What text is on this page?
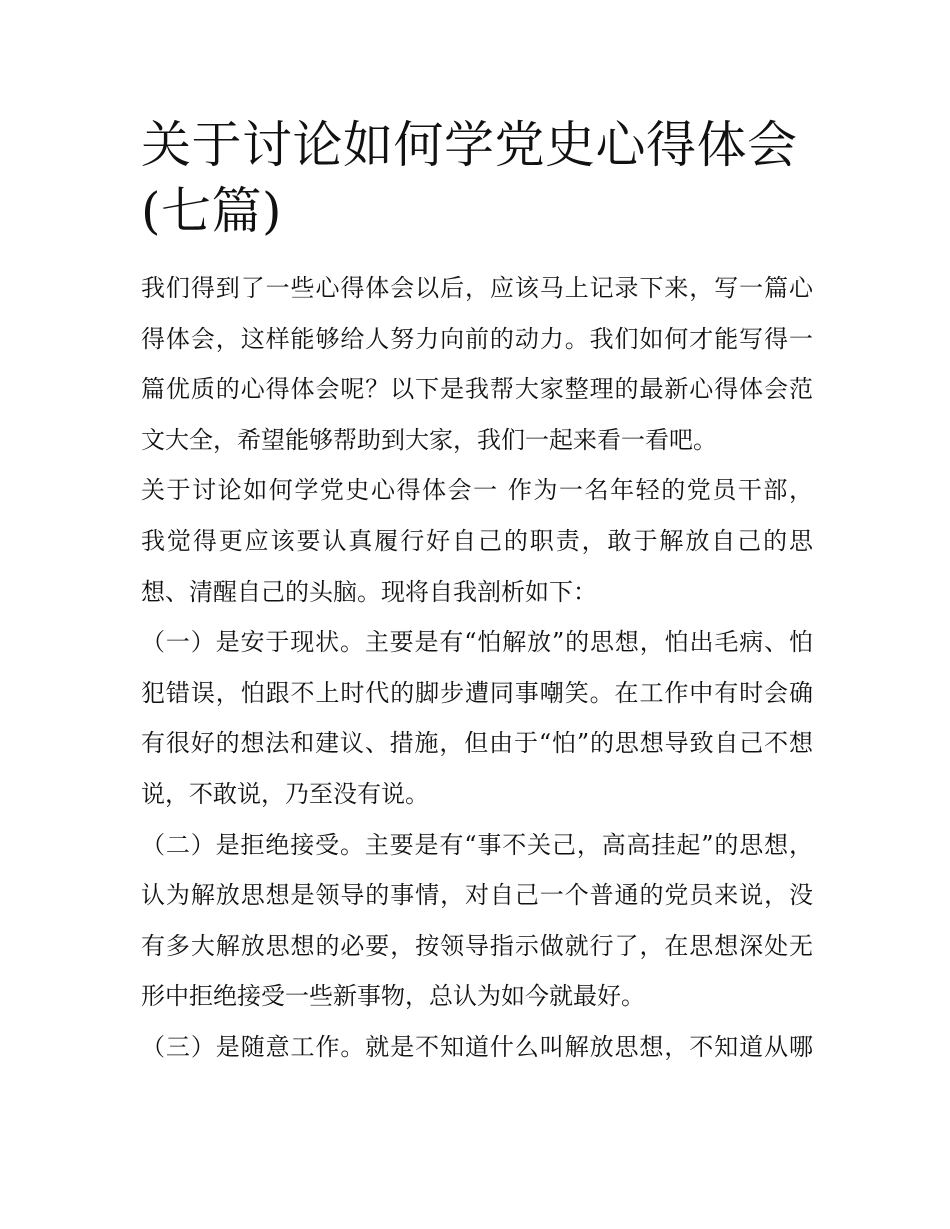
关于讨论如何学党史心得体会
(七篇)

我们得到了一些心得体会以后，应该马上记录下来，写一篇心
得体会，这样能够给人努力向前的动力。我们如何才能写得一
篇优质的心得体会呢？以下是我帮大家整理的最新心得体会范
文大全，希望能够帮助到大家，我们一起来看一看吧。

关于讨论如何学党史心得体会一 作为一名年轻的党员干部，
我觉得更应该要认真履行好自己的职责，敢于解放自己的思
想、清醒自己的头脑。现将自我剖析如下：

（一）是安于现状。主要是有“怕解放”的思想，怕出毛病、怕
犯错误，怕跟不上时代的脚步遭同事嘲笑。在工作中有时会确
有很好的想法和建议、措施，但由于“怕”的思想导致自己不想
说，不敢说，乃至没有说。

（二）是拒绝接受。主要是有“事不关己，高高挂起”的思想，
认为解放思想是领导的事情，对自己一个普通的党员来说，没
有多大解放思想的必要，按领导指示做就行了，在思想深处无
形中拒绝接受一些新事物，总认为如今就最好。

（三）是随意工作。就是不知道什么叫解放思想，不知道从哪
